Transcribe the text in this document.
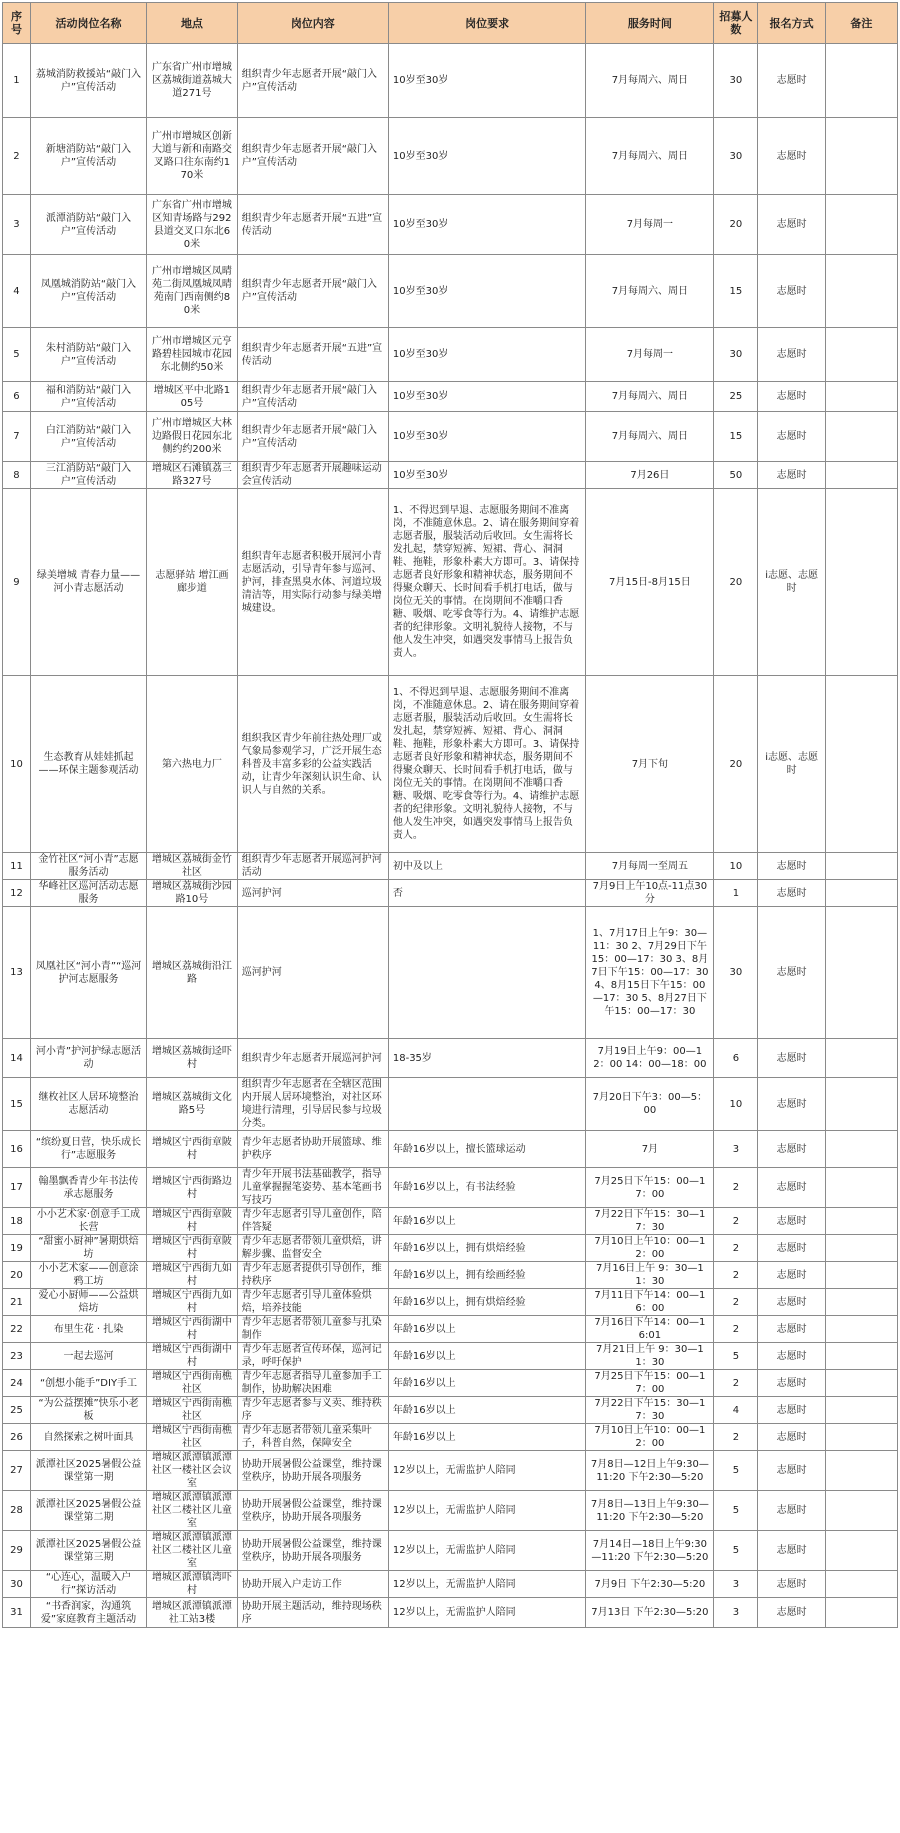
序号	活动岗位名称	地点	岗位内容	岗位要求	服务时间	招募人数	报名方式	备注
1	荔城消防救援站“敲门入户”宣传活动	广东省广州市增城区荔城街道荔城大道271号	组织青少年志愿者开展“敲门入户”宣传活动	10岁至30岁	7月每周六、周日	30	志愿时	
2	新塘消防站“敲门入户”宣传活动	广州市增城区创新大道与新和南路交叉路口往东南约170米	组织青少年志愿者开展“敲门入户”宣传活动	10岁至30岁	7月每周六、周日	30	志愿时	
3	派潭消防站“敲门入户”宣传活动	广东省广州市增城区知青场路与292县道交叉口东北60米	组织青少年志愿者开展“五进”宣传活动	10岁至30岁	7月每周一	20	志愿时	
4	凤凰城消防站“敲门入户”宣传活动	广州市增城区凤晴苑二街凤凰城凤晴苑南门西南侧约80米	组织青少年志愿者开展“敲门入户”宣传活动	10岁至30岁	7月每周六、周日	15	志愿时	
5	朱村消防站“敲门入户”宣传活动	广州市增城区元亨路碧桂园城市花园东北侧约50米	组织青少年志愿者开展“五进”宣传活动	10岁至30岁	7月每周一	30	志愿时	
6	福和消防站“敲门入户”宣传活动	增城区平中北路105号	组织青少年志愿者开展“敲门入户”宣传活动	10岁至30岁	7月每周六、周日	25	志愿时	
7	白江消防站“敲门入户”宣传活动	广州市增城区大林边路假日花园东北侧约约200米	组织青少年志愿者开展“敲门入户”宣传活动	10岁至30岁	7月每周六、周日	15	志愿时	
8	三江消防站“敲门入户”宣传活动	增城区石滩镇荔三路327号	组织青少年志愿者开展趣味运动会宣传活动	10岁至30岁	7月26日	50	志愿时	
9	绿美增城 青春力量——河小青志愿活动	志愿驿站 增江画廊步道	组织青年志愿者积极开展河小青志愿活动，引导青年参与巡河、护河，排查黑臭水体、河道垃圾清洁等，用实际行动参与绿美增城建设。	1、不得迟到早退、志愿服务期间不准离岗，不准随意休息。2、请在服务期间穿着志愿者服，服装活动后收回。女生需将长发扎起，禁穿短裤、短裙、背心、洞洞鞋、拖鞋，形象朴素大方即可。3、请保持志愿者良好形象和精神状态，服务期间不得聚众聊天、长时间看手机打电话，做与岗位无关的事情。在岗期间不准嚼口香糖、吸烟、吃零食等行为。4、请维护志愿者的纪律形象。文明礼貌待人接物，不与他人发生冲突，如遇突发事情马上报告负责人。	7月15日-8月15日	20	i志愿、志愿时	
10	生态教育从娃娃抓起——环保主题参观活动	第六热电力厂	组织我区青少年前往热处理厂或气象局参观学习，广泛开展生态科普及丰富多彩的公益实践活动，让青少年深刻认识生命、认识人与自然的关系。	1、不得迟到早退、志愿服务期间不准离岗，不准随意休息。2、请在服务期间穿着志愿者服，服装活动后收回。女生需将长发扎起，禁穿短裤、短裙、背心、洞洞鞋、拖鞋，形象朴素大方即可。3、请保持志愿者良好形象和精神状态，服务期间不得聚众聊天、长时间看手机打电话，做与岗位无关的事情。在岗期间不准嚼口香糖、吸烟、吃零食等行为。4、请维护志愿者的纪律形象。文明礼貌待人接物，不与他人发生冲突，如遇突发事情马上报告负责人。	7月下旬	20	i志愿、志愿时	
11	金竹社区“河小青”志愿服务活动	增城区荔城街金竹社区	组织青少年志愿者开展巡河护河活动	初中及以上	7月每周一至周五	10	志愿时	
12	华峰社区巡河活动志愿服务	增城区荔城街沙园路10号	巡河护河	否	7月9日上午10点-11点30分	1	志愿时	
13	凤凰社区“河小青”“巡河护河志愿服务	增城区荔城街沿江路	巡河护河		1、7月17日上午9：30—11：30 2、7月29日下午15：00—17：30 3、8月7日下午15：00—17：30 4、8月15日下午15：00—17：30 5、8月27日下午15：00—17：30	30	志愿时	
14	河小青”护河护绿志愿活动	增城区荔城街迳吓村	组织青少年志愿者开展巡河护河	18-35岁	7月19日上午9：00—12：00 14：00—18：00	6	志愿时	
15	继枚社区人居环境整治志愿活动	增城区荔城街文化路5号	组织青少年志愿者在全辖区范围内开展人居环境整治，对社区环境进行清理，引导居民参与垃圾分类。		7月20日下午3：00—5：00	10	志愿时	
16	“缤纷夏日营，快乐成长行”志愿服务	增城区宁西街章陂村	青少年志愿者协助开展篮球、维护秩序	年龄16岁以上，擅长篮球运动	7月	3	志愿时	
17	翰墨飘香青少年书法传承志愿服务	增城区宁西街路边村	青少年开展书法基础教学，指导儿童掌握握笔姿势、基本笔画书写技巧	年龄16岁以上，有书法经验	7月25日下午15：00—17：00	2	志愿时	
18	小小艺术家·创意手工成长营	增城区宁西街章陂村	青少年志愿者引导儿童创作，陪伴答疑	年龄16岁以上	7月22日下午15：30—17：30	2	志愿时	
19	“甜蜜小厨神”暑期烘焙坊	增城区宁西街章陂村	青少年志愿者带领儿童烘焙，讲解步骤、监督安全	年龄16岁以上，拥有烘焙经验	7月10日上午10：00—12：00	2	志愿时	
20	小小艺术家——创意涂鸦工坊	增城区宁西街九如村	青少年志愿者提供引导创作，维持秩序	年龄16岁以上，拥有绘画经验	7月16日上午 9：30—11：30	2	志愿时	
21	爱心小厨师——公益烘焙坊	增城区宁西街九如村	青少年志愿者引导儿童体验烘焙，培养技能	年龄16岁以上，拥有烘焙经验	7月11日下午14：00—16：00	2	志愿时	
22	布里生花 · 扎染	增城区宁西街湖中村	青少年志愿者带领儿童参与扎染制作	年龄16岁以上	7月16日下午14：00—16:01	2	志愿时	
23	一起去巡河	增城区宁西街湖中村	青少年志愿者宣传环保，巡河记录，呼吁保护	年龄16岁以上	7月21日上午 9：30—11：30	5	志愿时	
24	“创想小能手”DIY手工	增城区宁西街南樵社区	青少年志愿者指导儿童参加手工制作，协助解决困难	年龄16岁以上	7月25日下午15：00—17：00	2	志愿时	
25	“为公益摆摊”快乐小老板	增城区宁西街南樵社区	青少年志愿者参与义卖、维持秩序	年龄16岁以上	7月22日下午15：30—17：30	4	志愿时	
26	自然探索之树叶面具	增城区宁西街南樵社区	青少年志愿者带领儿童采集叶子，科普自然，保障安全	年龄16岁以上	7月10日上午10：00—12：00	2	志愿时	
27	派潭社区2025暑假公益课堂第一期	增城区派潭镇派潭社区一楼社区会议室	协助开展暑假公益课堂，维持课堂秩序，协助开展各项服务	12岁以上，无需监护人陪同	7月8日—12日上午9:30—11:20 下午2:30—5:20	5	志愿时	
28	派潭社区2025暑假公益课堂第二期	增城区派潭镇派潭社区二楼社区儿童室	协助开展暑假公益课堂，维持课堂秩序，协助开展各项服务	12岁以上，无需监护人陪同	7月8日—13日上午9:30—11:20 下午2:30—5:20	5	志愿时	
29	派潭社区2025暑假公益课堂第三期	增城区派潭镇派潭社区二楼社区儿童室	协助开展暑假公益课堂，维持课堂秩序，协助开展各项服务	12岁以上，无需监护人陪同	7月14日—18日上午9:30—11:20 下午2:30—5:20	5	志愿时	
30	“心连心，温暖入户行”探访活动	增城区派潭镇湾吓村	协助开展入户走访工作	12岁以上，无需监护人陪同	7月9日 下午2:30—5:20	3	志愿时	
31	“书香润家，沟通筑爱”家庭教育主题活动	增城区派潭镇派潭社工站3楼	协助开展主题活动，维持现场秩序	12岁以上，无需监护人陪同	7月13日 下午2:30—5:20	3	志愿时	
